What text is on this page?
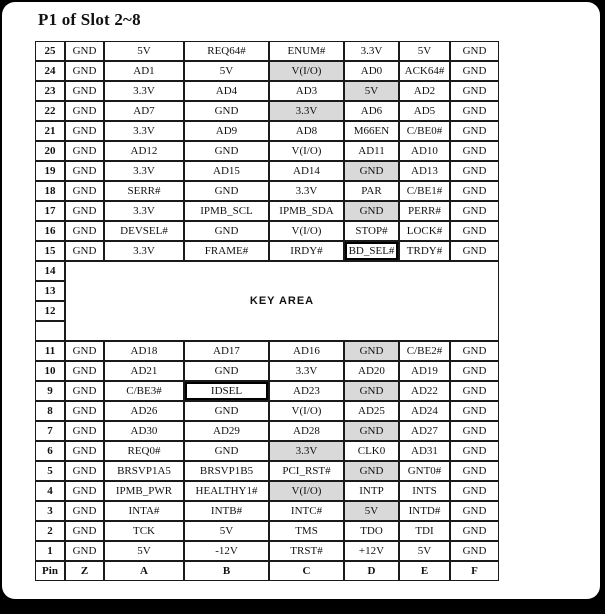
P1 of Slot 2~8
25	GND	5V	REQ64#	ENUM#	3.3V	5V	GND
24	GND	AD1	5V	V(I/O)	AD0	ACK64#	GND
23	GND	3.3V	AD4	AD3	5V	AD2	GND
22	GND	AD7	GND	3.3V	AD6	AD5	GND
21	GND	3.3V	AD9	AD8	M66EN	C/BE0#	GND
20	GND	AD12	GND	V(I/O)	AD11	AD10	GND
19	GND	3.3V	AD15	AD14	GND	AD13	GND
18	GND	SERR#	GND	3.3V	PAR	C/BE1#	GND
17	GND	3.3V	IPMB_SCL	IPMB_SDA	GND	PERR#	GND
16	GND	DEVSEL#	GND	V(I/O)	STOP#	LOCK#	GND
15	GND	3.3V	FRAME#	IRDY#	BD_SEL#	TRDY#	GND
14	KEY AREA						
13							
12							

11	GND	AD18	AD17	AD16	GND	C/BE2#	GND
10	GND	AD21	GND	3.3V	AD20	AD19	GND
9	GND	C/BE3#	IDSEL	AD23	GND	AD22	GND
8	GND	AD26	GND	V(I/O)	AD25	AD24	GND
7	GND	AD30	AD29	AD28	GND	AD27	GND
6	GND	REQ0#	GND	3.3V	CLK0	AD31	GND
5	GND	BRSVP1A5	BRSVP1B5	PCI_RST#	GND	GNT0#	GND
4	GND	IPMB_PWR	HEALTHY1#	V(I/O)	INTP	INTS	GND
3	GND	INTA#	INTB#	INTC#	5V	INTD#	GND
2	GND	TCK	5V	TMS	TDO	TDI	GND
1	GND	5V	-12V	TRST#	+12V	5V	GND
Pin	Z	A	B	C	D	E	F
